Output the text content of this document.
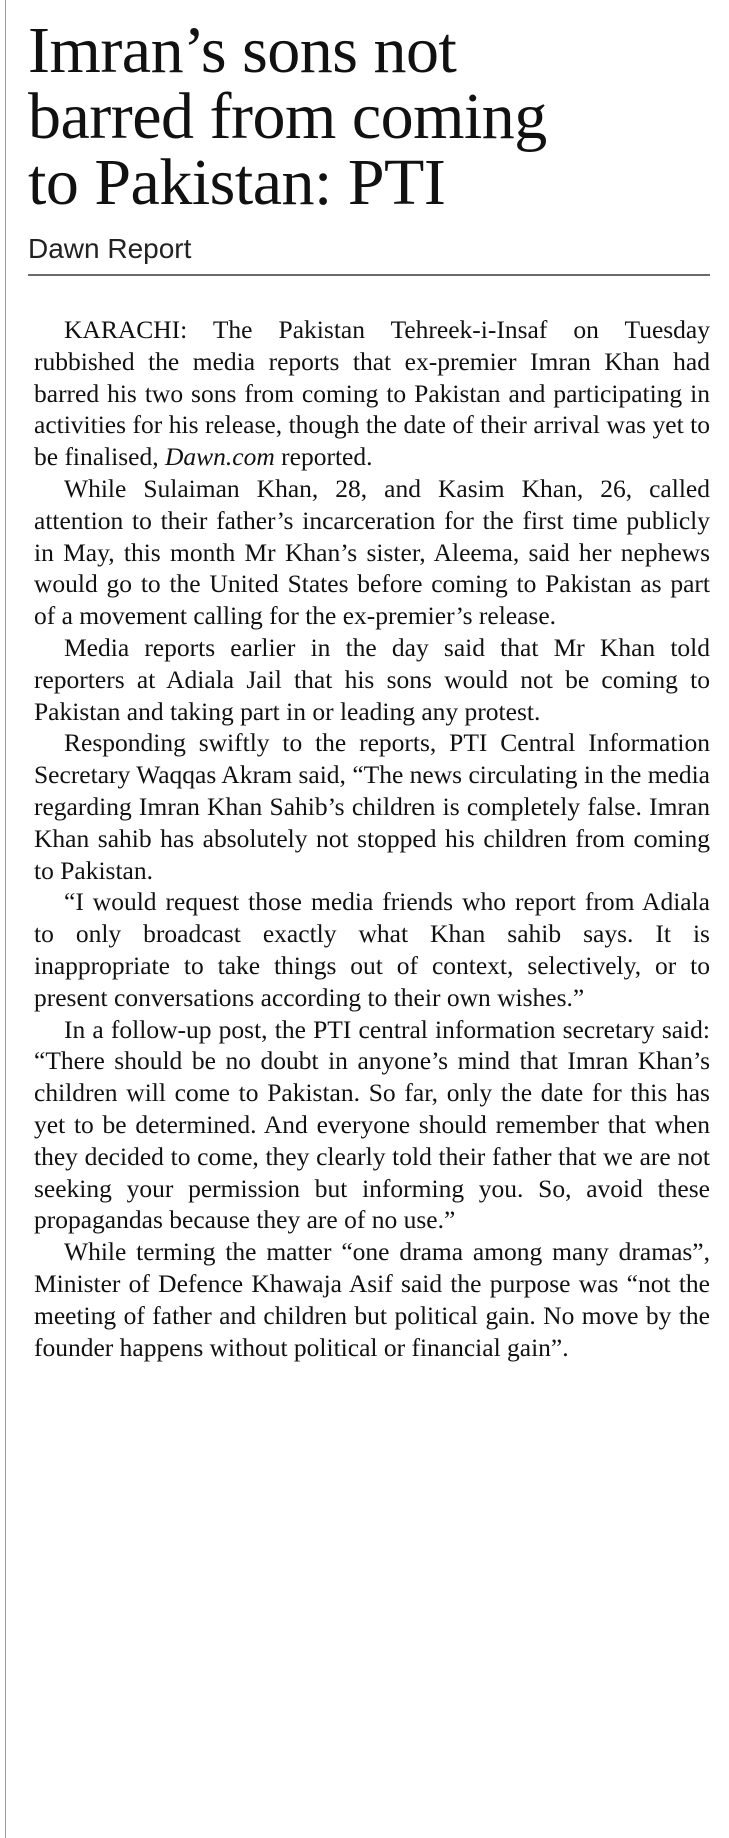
Imran’s sons not
barred from coming
to Pakistan: PTI
Dawn Report

KARACHI: The Pakistan Tehreek-i-Insaf on Tuesday rubbished the media reports that ex-premier Imran Khan had barred his two sons from coming to Pakistan and participating in activities for his release, though the date of their arrival was yet to be finalised, Dawn.com reported.

While Sulaiman Khan, 28, and Kasim Khan, 26, called attention to their father’s incarceration for the first time publicly in May, this month Mr Khan’s sister, Aleema, said her nephews would go to the United States before coming to Pakistan as part of a movement calling for the ex-premier’s release.

Media reports earlier in the day said that Mr Khan told reporters at Adiala Jail that his sons would not be coming to Pakistan and taking part in or leading any protest.

Responding swiftly to the reports, PTI Central Information Secretary Waqqas Akram said, “The news circulating in the media regarding Imran Khan Sahib’s children is completely false. Imran Khan sahib has absolutely not stopped his children from coming to Pakistan.

“I would request those media friends who report from Adiala to only broadcast exactly what Khan sahib says. It is inappropriate to take things out of context, selectively, or to present conversations according to their own wishes.”

In a follow-up post, the PTI central information secretary said: “There should be no doubt in anyone’s mind that Imran Khan’s children will come to Pakistan. So far, only the date for this has yet to be determined. And everyone should remember that when they decided to come, they clearly told their father that we are not seeking your permission but informing you. So, avoid these propagandas because they are of no use.”

While terming the matter “one drama among many dramas”, Minister of Defence Khawaja Asif said the purpose was “not the meeting of father and children but political gain. No move by the founder happens without political or financial gain”.
